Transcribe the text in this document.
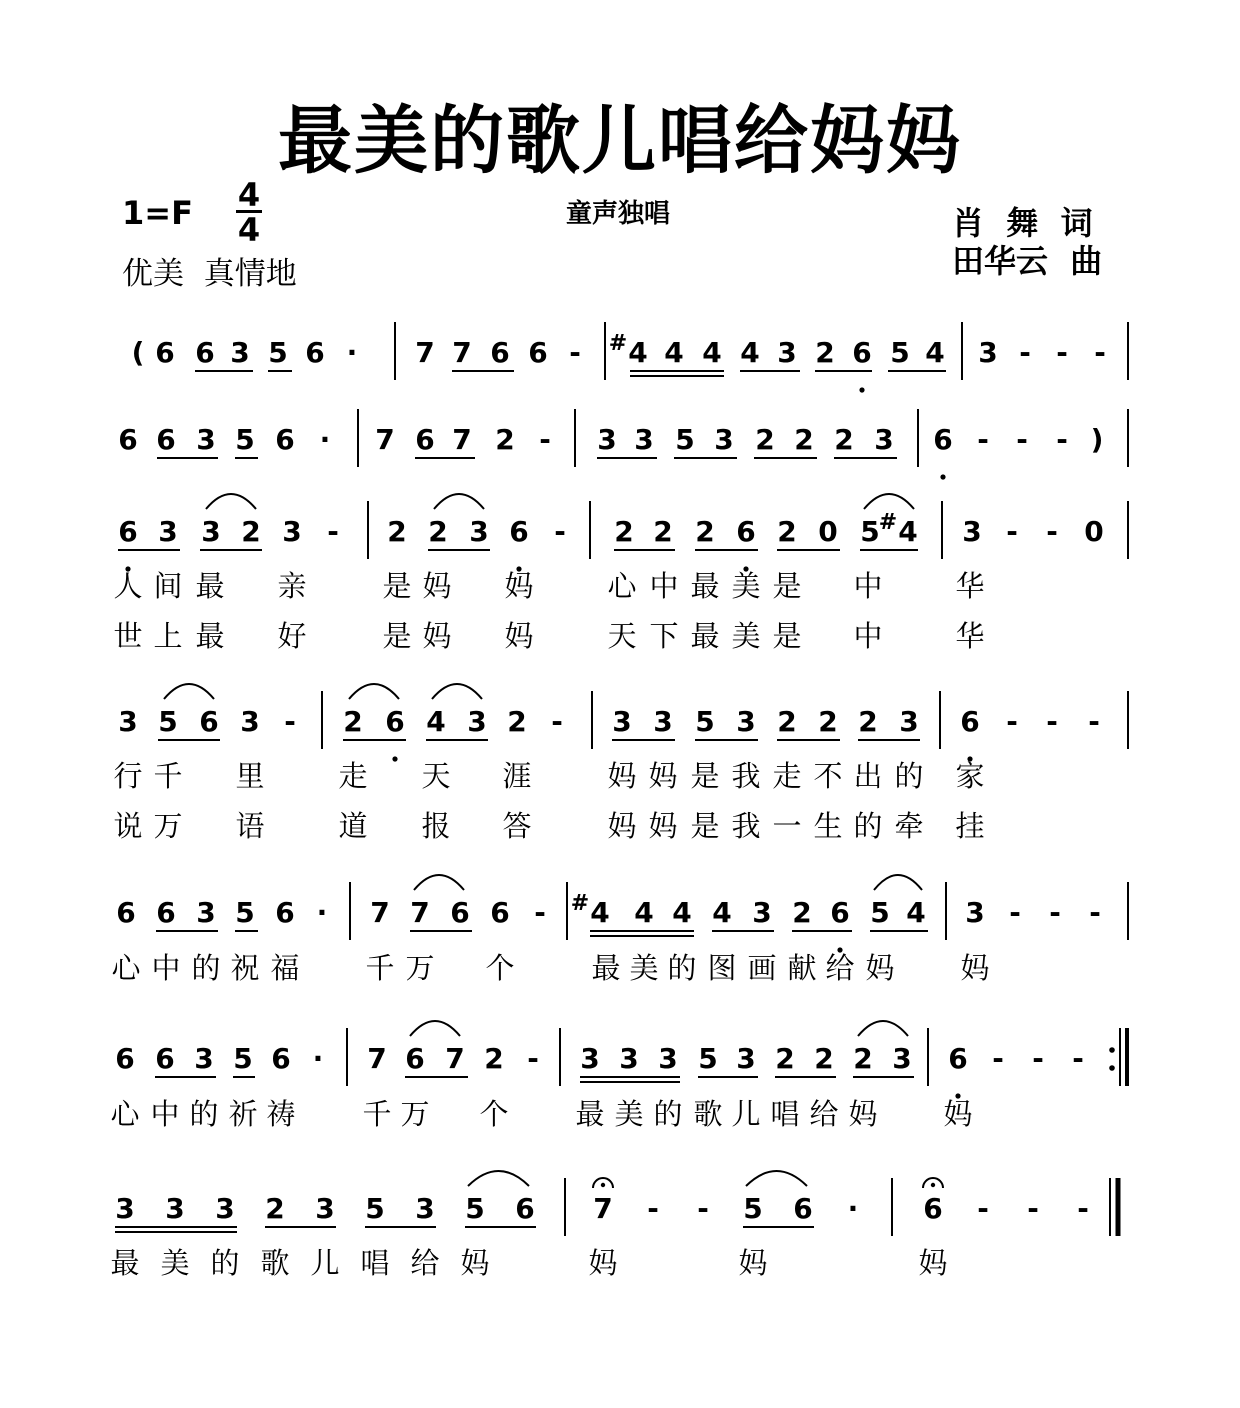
最美的歌儿唱给妈妈
$1=F \frac{4}{4}$	童声独唱
优美  真情地
肖  舞  词
田华云  曲
( 6 6 3 5 6 · 7 7 6 6 - 4
# 4 4 4 3 2 6 5 4 3 - - -
6 6 3 5 6 · 7 6 7 2 - 3 3 5 3 2 2 2 3 6 - - - )
6 3 3 2 3 - 2 2 3 6 - 2 2 2 6 2 0 5 4
# 3 - - 0
人 间 最 亲	是 妈 妈	心 中 最 美 是 中	华
世 上 最 好	是 妈 妈	天 下 最 美 是 中	华
3 5 6 3 - 2 6 4 3 2 - 3 3 5 3 2 2 2 3 6 - - -
行 千 里	走 天 涯	妈 妈 是 我 走 不 出 的 家
说 万 语	道 报 答	妈 妈 是 我 一 生 的 牵 挂
6 6 3 5 6 · 7 7 6 6 - 4
# 4 4 4 3 2 6 5 4 3 - - -
心 中 的 祝 福 千 万 个	最 美 的 图 画 献 给 妈 妈
6 6 3 5 6 · 7 6 7 2 - 3 3 3 5 3 2 2 2 3 6 - - -
心 中 的 祈 祷 千 万 个 最 美 的 歌 儿 唱 给 妈 妈
3 3 3 2 3 5 3 5 6 7 - - 5 6 · 6 - - -
最 美 的 歌 儿 唱 给 妈	妈	妈	妈
